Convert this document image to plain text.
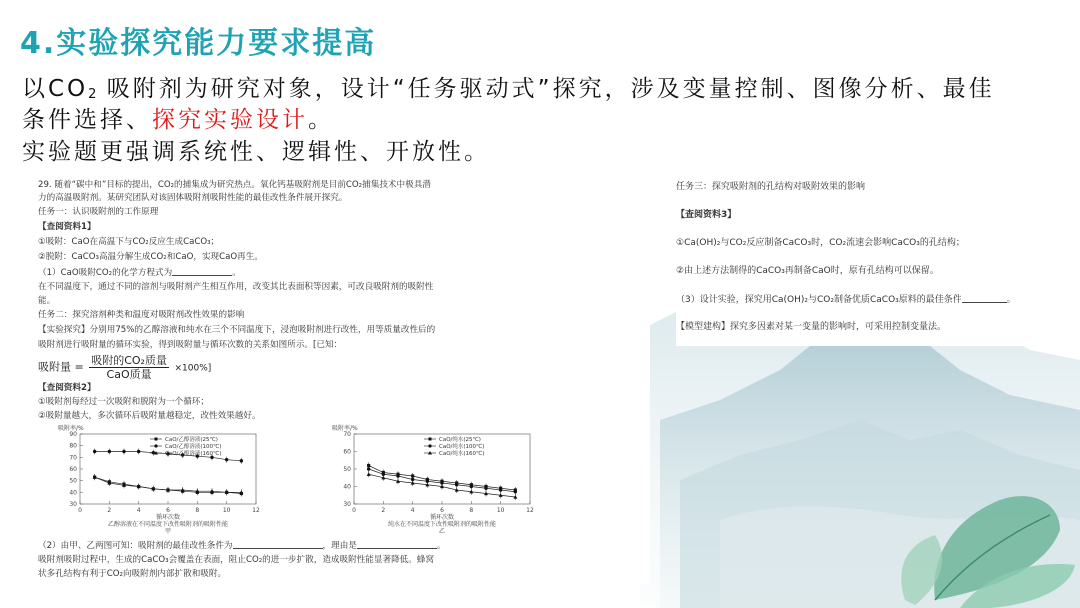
4.实验探究能力要求提高
以CO2 吸附剂为研究对象，设计“任务驱动式”探究，涉及变量控制、图像分析、最佳
条件选择、探究实验设计。
实验题更强调系统性、逻辑性、开放性。

29. 随着“碳中和”目标的提出，CO₂的捕集成为研究热点。氧化钙基吸附剂是目前CO₂捕集技术中极具潜

力的高温吸附剂。某研究团队对该固体吸附剂吸附性能的最佳改性条件展开探究。

任务一：认识吸附剂的工作原理

【查阅资料1】

①吸附：CaO在高温下与CO₂反应生成CaCO₃；

②脱附：CaCO₃高温分解生成CO₂和CaO，实现CaO再生。

（1）CaO吸附CO₂的化学方程式为	。

在不同温度下，通过不同的溶剂与吸附剂产生相互作用，改变其比表面积等因素，可改良吸附剂的吸附性

能。

任务二：探究溶剂种类和温度对吸附剂改性效果的影响

【实验探究】分别用75%的乙醇溶液和纯水在三个不同温度下，浸泡吸附剂进行改性，用等质量改性后的

吸附剂进行吸附量的循环实验，得到吸附量与循环次数的关系如图所示。[已知：

吸附量 = $\frac{\text{吸附的CO₂质量}}{\text{CaO质量}} \times 100\%$]

【查阅资料2】

①吸附剂每经过一次吸附和脱附为一个循环；

②吸附量越大，多次循环后吸附量越稳定，改性效果越好。

吸附率/%
30
40
50
60
70
80
90
0	2	4	6	8	10	12
循环次数
乙醇溶液在不同温度下改性吸附剂的吸附性能
甲
CaO/乙醇溶液(25℃)
CaO/乙醇溶液(100℃)
CaO/乙醇溶液(160℃)
吸附率/%
30
40
50
60
70
0	2	4	6	8	10	12
循环次数
纯水在不同温度下改性吸附剂的吸附性能
乙
CaO/纯水(25℃)
CaO/纯水(100℃)
CaO/纯水(160℃)

（2）由甲、乙两图可知：吸附剂的最佳改性条件为	，理由是	。

吸附剂吸附过程中，生成的CaCO₃会覆盖在表面，阻止CO₂的进一步扩散，造成吸附性能显著降低。蜂窝

状多孔结构有利于CO₂向吸附剂内部扩散和吸附。

任务三：探究吸附剂的孔结构对吸附效果的影响

【查阅资料3】

①Ca(OH)₂与CO₂反应制备CaCO₃时，CO₂流速会影响CaCO₃的孔结构；

②由上述方法制得的CaCO₃再制备CaO时，原有孔结构可以保留。

（3）设计实验，探究用Ca(OH)₂与CO₂制备优质CaCO₃原料的最佳条件	。

【模型建构】探究多因素对某一变量的影响时，可采用控制变量法。
